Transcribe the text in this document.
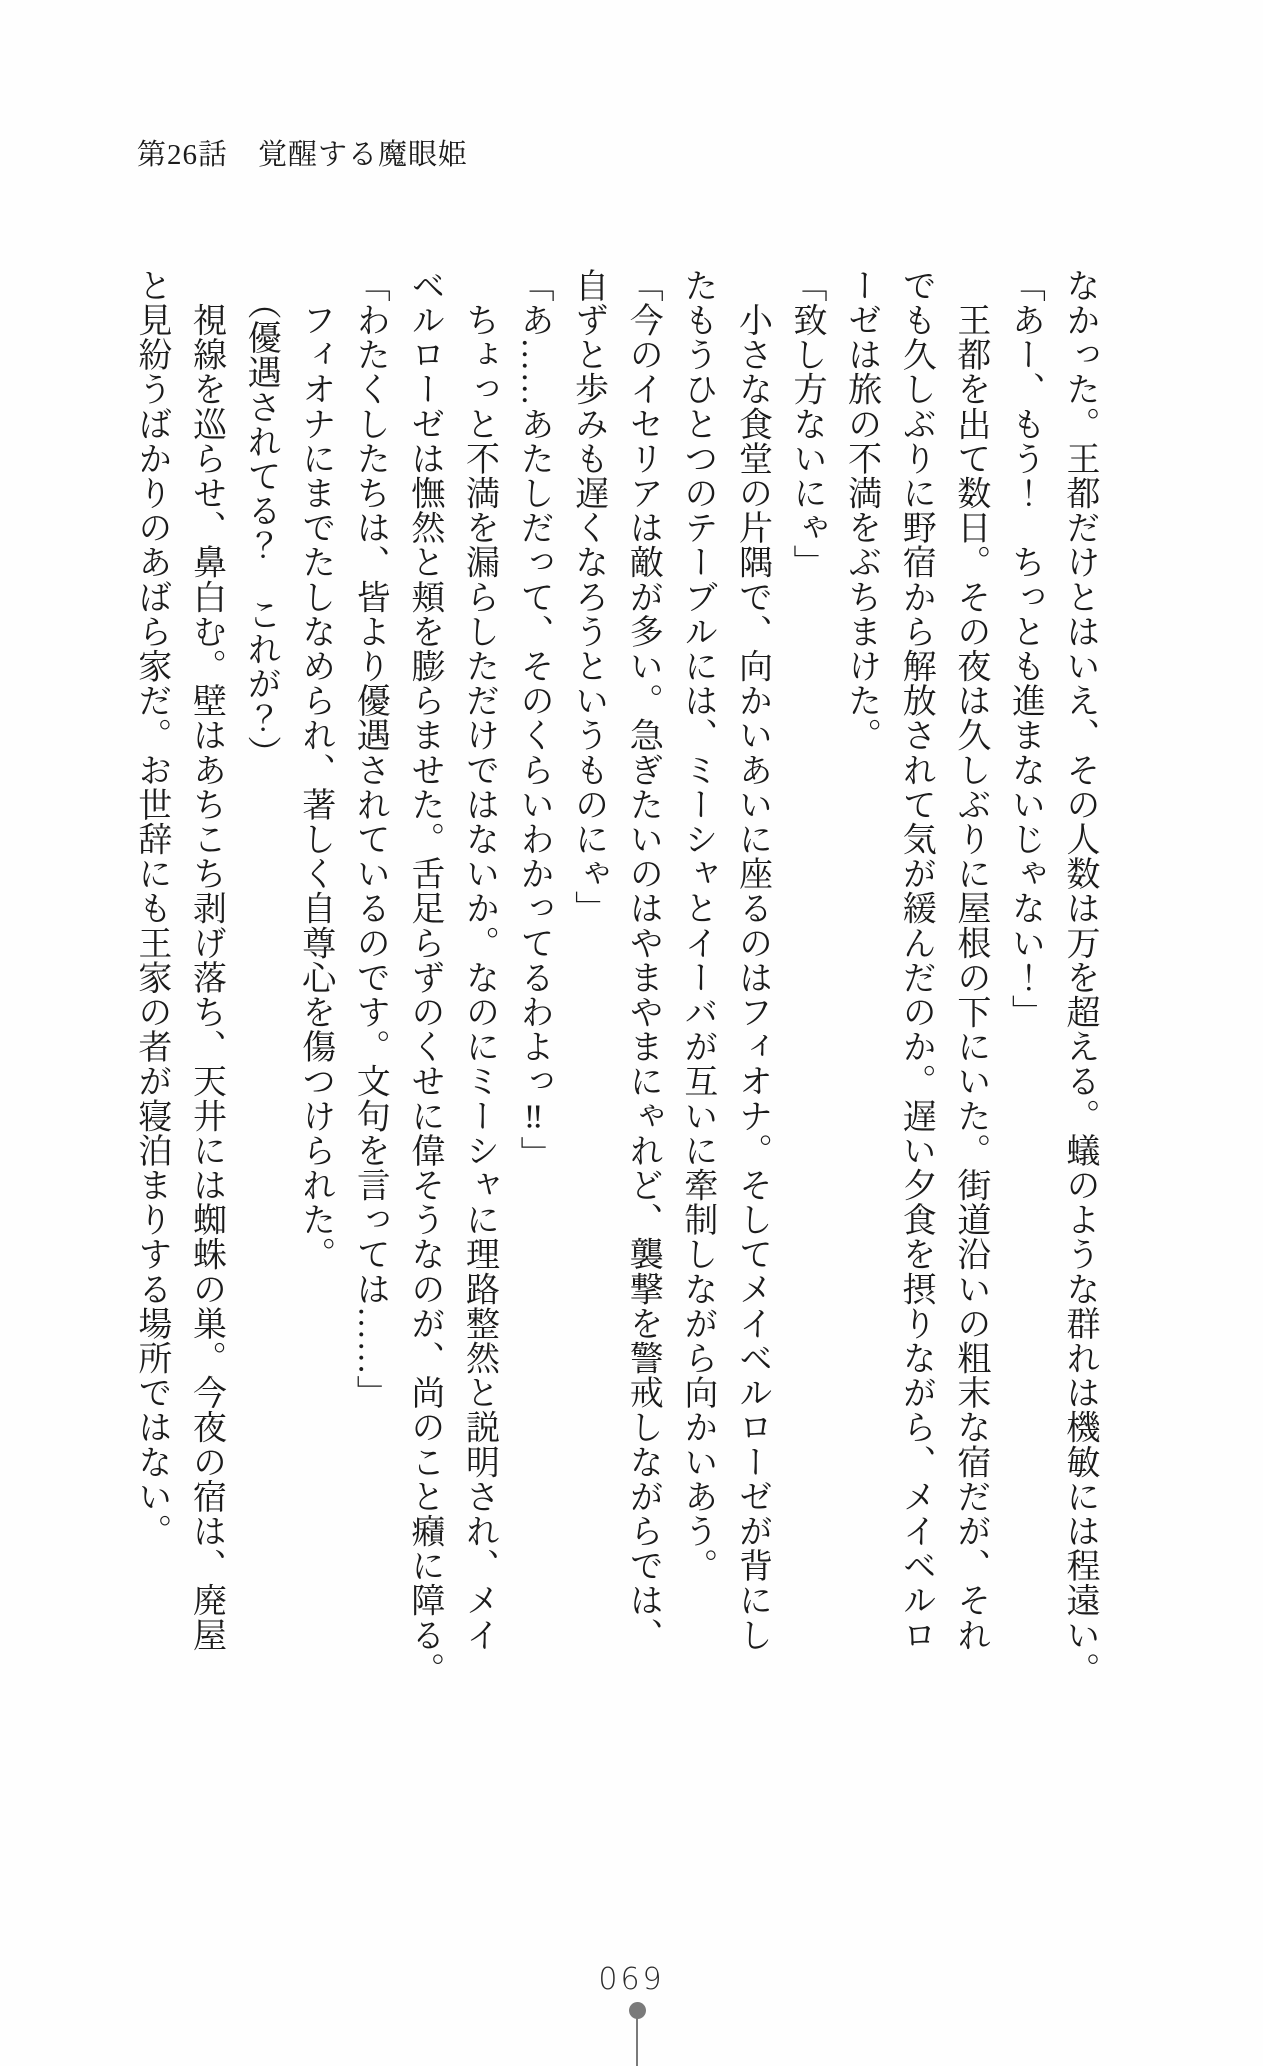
第26話　覚醒する魔眼姫
なかった。王都だけとはいえ、その人数は万を超える。蟻のような群れは機敏には程遠い。
「あー、もう！　ちっとも進まないじゃない！」
　王都を出て数日。その夜は久しぶりに屋根の下にいた。街道沿いの粗末な宿だが、それ
でも久しぶりに野宿から解放されて気が緩んだのか。遅い夕食を摂りながら、メイベルロ
ーゼは旅の不満をぶちまけた。
「致し方ないにゃ」
　小さな食堂の片隅で、向かいあいに座るのはフィオナ。そしてメイベルローゼが背にし
たもうひとつのテーブルには、ミーシャとイーバが互いに牽制しながら向かいあう。
「今のイセリアは敵が多い。急ぎたいのはやまやまにゃれど、襲撃を警戒しながらでは、
自ずと歩みも遅くなろうというものにゃ」
「あ……あたしだって、そのくらいわかってるわよっ‼」
　ちょっと不満を漏らしただけではないか。なのにミーシャに理路整然と説明され、メイ
ベルローゼは憮然と頬を膨らませた。舌足らずのくせに偉そうなのが、尚のこと癪に障る。
「わたくしたちは、皆より優遇されているのです。文句を言っては……」
　フィオナにまでたしなめられ、著しく自尊心を傷つけられた。
　（優遇されてる？　これが？）
　視線を巡らせ、鼻白む。壁はあちこち剥げ落ち、天井には蜘蛛の巣。今夜の宿は、廃屋
と見紛うばかりのあばら家だ。お世辞にも王家の者が寝泊まりする場所ではない。
069
